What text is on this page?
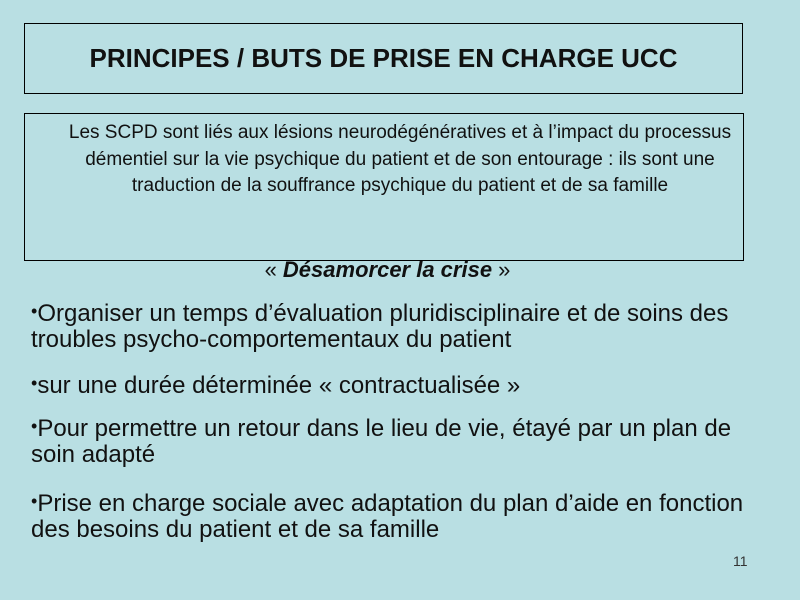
PRINCIPES / BUTS DE PRISE EN CHARGE UCC

Les SCPD sont liés aux lésions neurodégénératives et à l’impact du processus démentiel sur la vie psychique du patient et de son entourage : ils sont une traduction de la souffrance psychique du patient et de sa famille

« Désamorcer la crise »

•Organiser un temps d’évaluation pluridisciplinaire et de soins des troubles psycho-comportementaux du patient
•sur une durée déterminée « contractualisée »
•Pour permettre un retour dans le lieu de vie, étayé par un plan de soin adapté
•Prise en charge sociale avec adaptation du plan d’aide en fonction des besoins du patient et de sa famille
11
